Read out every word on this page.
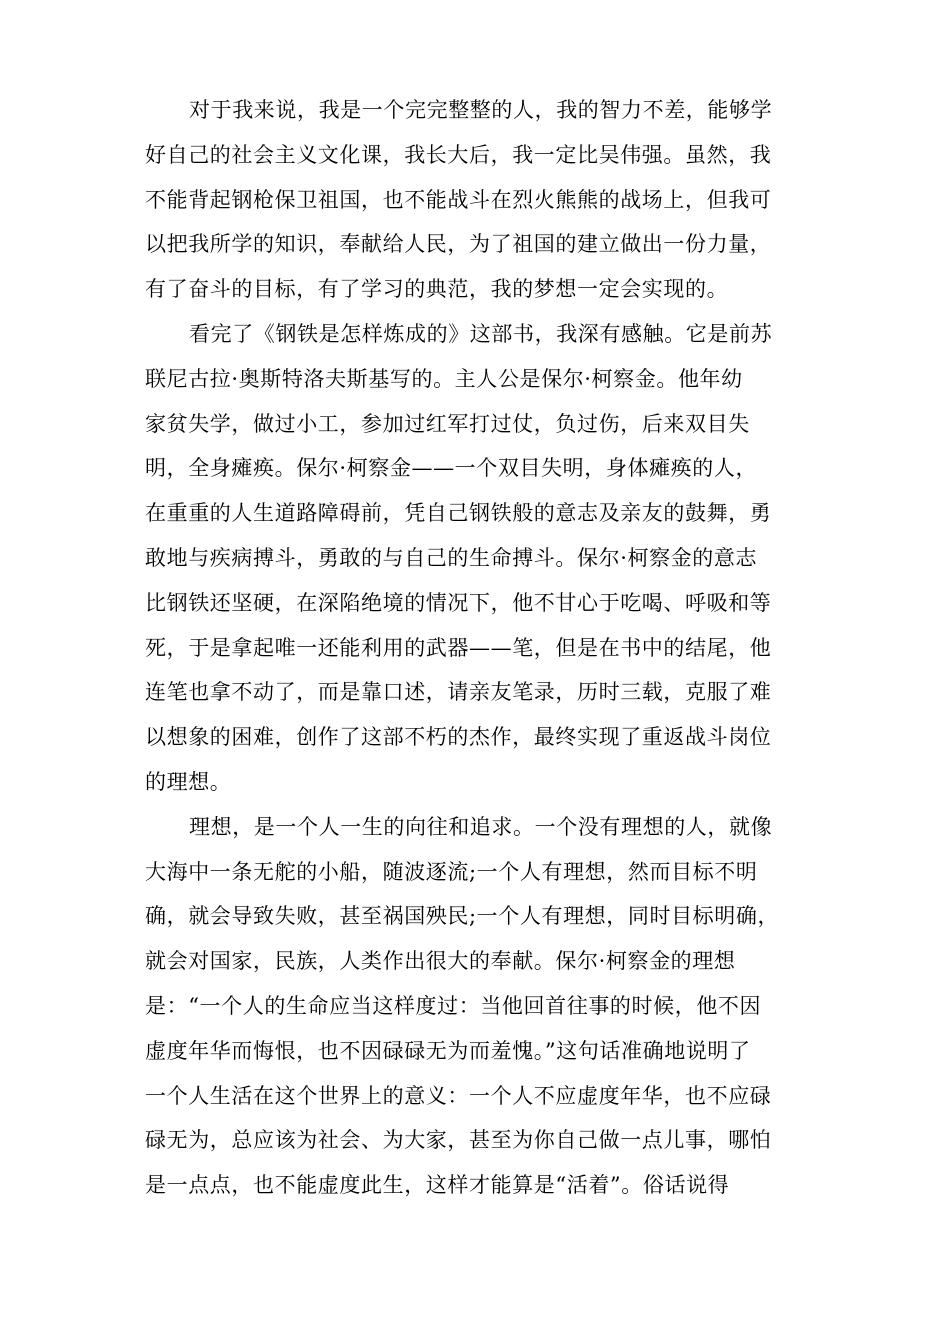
对于我来说，我是一个完完整整的人，我的智力不差，能够学
好自己的社会主义文化课，我长大后，我一定比吴伟强。虽然，我
不能背起钢枪保卫祖国，也不能战斗在烈火熊熊的战场上，但我可
以把我所学的知识，奉献给人民，为了祖国的建立做出一份力量，
有了奋斗的目标，有了学习的典范，我的梦想一定会实现的。
看完了《钢铁是怎样炼成的》这部书，我深有感触。它是前苏
联尼古拉·奥斯特洛夫斯基写的。主人公是保尔·柯察金。他年幼
家贫失学，做过小工，参加过红军打过仗，负过伤，后来双目失
明，全身瘫痪。保尔·柯察金——一个双目失明，身体瘫痪的人，
在重重的人生道路障碍前，凭自己钢铁般的意志及亲友的鼓舞，勇
敢地与疾病搏斗，勇敢的与自己的生命搏斗。保尔·柯察金的意志
比钢铁还坚硬，在深陷绝境的情况下，他不甘心于吃喝、呼吸和等
死，于是拿起唯一还能利用的武器——笔，但是在书中的结尾，他
连笔也拿不动了，而是靠口述，请亲友笔录，历时三载，克服了难
以想象的困难，创作了这部不朽的杰作，最终实现了重返战斗岗位
的理想。
理想，是一个人一生的向往和追求。一个没有理想的人，就像
大海中一条无舵的小船，随波逐流;一个人有理想，然而目标不明
确，就会导致失败，甚至祸国殃民;一个人有理想，同时目标明确，
就会对国家，民族，人类作出很大的奉献。保尔·柯察金的理想
是：“一个人的生命应当这样度过：当他回首往事的时候，他不因
虚度年华而悔恨，也不因碌碌无为而羞愧。”这句话准确地说明了
一个人生活在这个世界上的意义：一个人不应虚度年华，也不应碌
碌无为，总应该为社会、为大家，甚至为你自己做一点儿事，哪怕
是一点点，也不能虚度此生，这样才能算是“活着”。俗话说得
